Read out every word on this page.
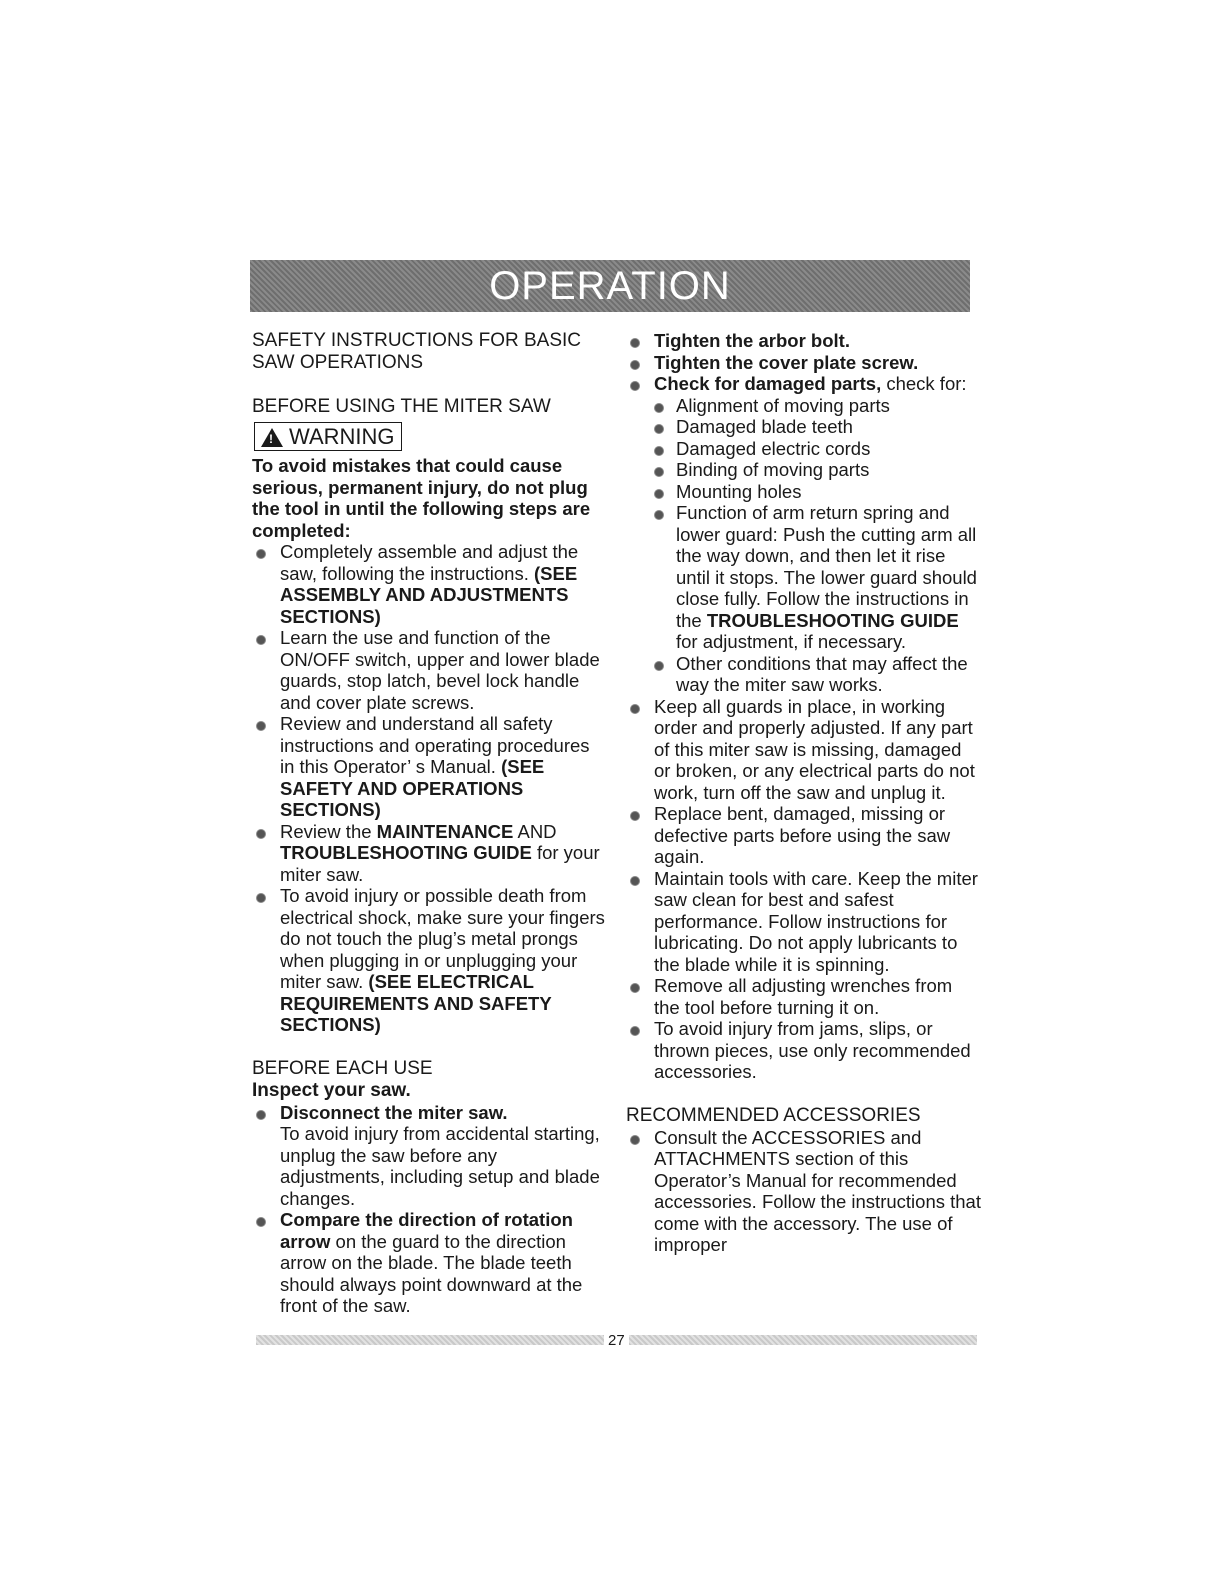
OPERATION

SAFETY INSTRUCTIONS FOR BASIC

SAW OPERATIONS

BEFORE USING THE MITER SAW

!
WARNING

To avoid mistakes that could cause serious, permanent injury, do not plug the tool in until the following steps are completed:

Completely assemble and adjust the saw, following the instructions. (SEE ASSEMBLY AND ADJUSTMENTS SECTIONS)
Learn the use and function of the ON/OFF switch, upper and lower blade guards, stop latch, bevel lock handle and cover plate screws.
Review and understand all safety instructions and operating procedures in this Operator’ s Manual. (SEE SAFETY AND OPERATIONS SECTIONS)
Review the MAINTENANCE AND TROUBLESHOOTING GUIDE for your miter saw.
To avoid injury or possible death from electrical shock, make sure your fingers do not touch the plug’s metal prongs when plugging in or unplugging your miter saw. (SEE ELECTRICAL REQUIREMENTS AND SAFETY SECTIONS)

BEFORE EACH USE

Inspect your saw.

Disconnect the miter saw.
To avoid injury from accidental starting, unplug the saw before any adjustments, including setup and blade changes.
Compare the direction of rotation arrow on the guard to the direction arrow on the blade. The blade teeth should always point downward at the front of the saw.
Tighten the arbor bolt.
Tighten the cover plate screw.
Check for damaged parts, check for:
Alignment of moving parts
Damaged blade teeth
Damaged electric cords
Binding of moving parts
Mounting holes
Function of arm return spring and lower guard: Push the cutting arm all the way down, and then let it rise until it stops. The lower guard should close fully. Follow the instructions in the TROUBLESHOOTING GUIDE for adjustment, if necessary.
Other conditions that may affect the way the miter saw works.
Keep all guards in place, in working order and properly adjusted. If any part of this miter saw is missing, damaged or broken, or any electrical parts do not work, turn off the saw and unplug it.
Replace bent, damaged, missing or defective parts before using the saw again.
Maintain tools with care. Keep the miter saw clean for best and safest performance. Follow instructions for lubricating. Do not apply lubricants to the blade while it is spinning.
Remove all adjusting wrenches from the tool before turning it on.
To avoid injury from jams, slips, or thrown pieces, use only recommended accessories.

RECOMMENDED ACCESSORIES

Consult the ACCESSORIES and ATTACHMENTS section of this Operator’s Manual for recommended accessories. Follow the instructions that come with the accessory. The use of improper
27
